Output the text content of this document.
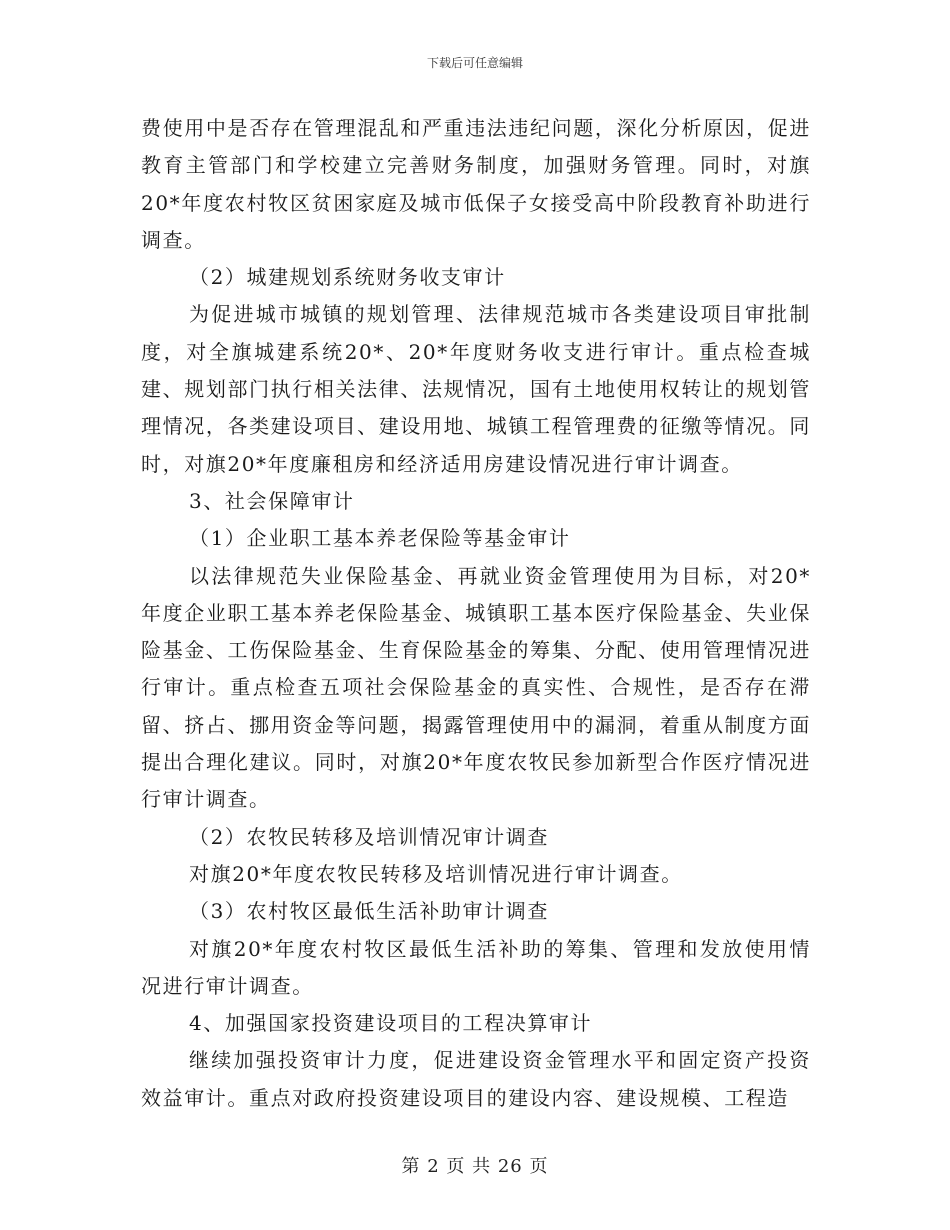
下载后可任意编辑

费使用中是否存在管理混乱和严重违法违纪问题，深化分析原因，促进教育主管部门和学校建立完善财务制度，加强财务管理。同时，对旗20*年度农村牧区贫困家庭及城市低保子女接受高中阶段教育补助进行调查。

（2）城建规划系统财务收支审计

为促进城市城镇的规划管理、法律规范城市各类建设项目审批制度，对全旗城建系统20*、20*年度财务收支进行审计。重点检查城建、规划部门执行相关法律、法规情况，国有土地使用权转让的规划管理情况，各类建设项目、建设用地、城镇工程管理费的征缴等情况。同时，对旗20*年度廉租房和经济适用房建设情况进行审计调查。

3、社会保障审计

（1）企业职工基本养老保险等基金审计

以法律规范失业保险基金、再就业资金管理使用为目标，对20*年度企业职工基本养老保险基金、城镇职工基本医疗保险基金、失业保险基金、工伤保险基金、生育保险基金的筹集、分配、使用管理情况进行审计。重点检查五项社会保险基金的真实性、合规性，是否存在滞留、挤占、挪用资金等问题，揭露管理使用中的漏洞，着重从制度方面提出合理化建议。同时，对旗20*年度农牧民参加新型合作医疗情况进行审计调查。

（2）农牧民转移及培训情况审计调查

对旗20*年度农牧民转移及培训情况进行审计调查。

（3）农村牧区最低生活补助审计调查

对旗20*年度农村牧区最低生活补助的筹集、管理和发放使用情况进行审计调查。

4、加强国家投资建设项目的工程决算审计

继续加强投资审计力度，促进建设资金管理水平和固定资产投资效益审计。重点对政府投资建设项目的建设内容、建设规模、工程造

第 2 页 共 26 页
